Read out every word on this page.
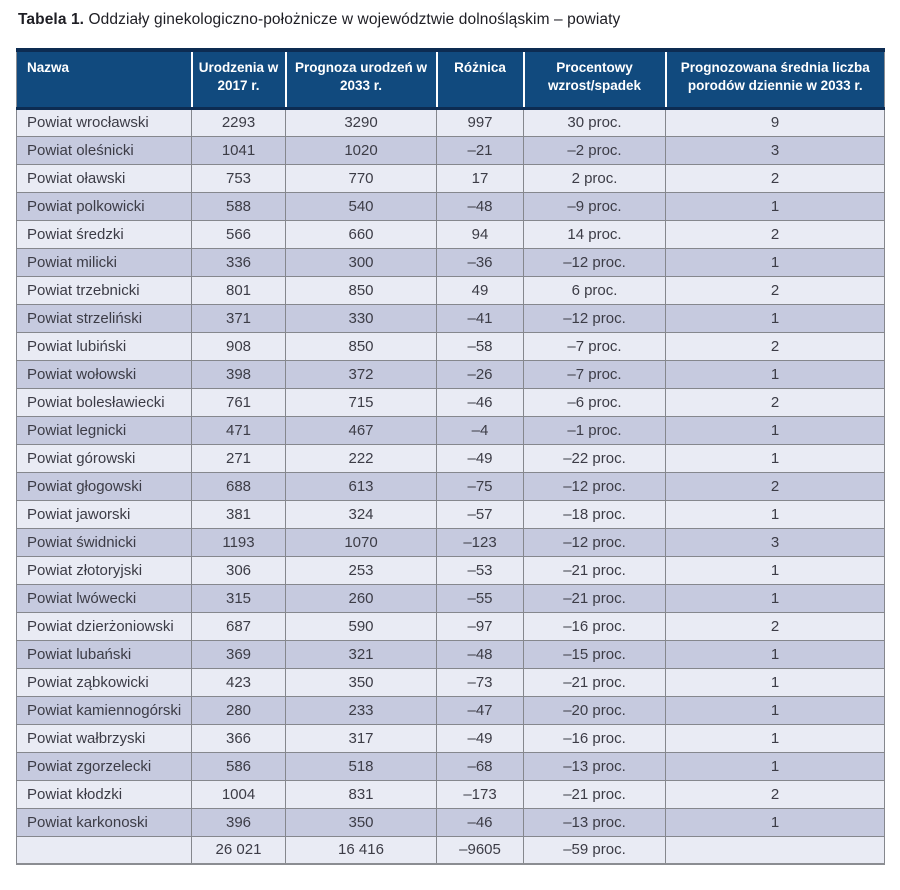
Tabela 1. Oddziały ginekologiczno-położnicze w województwie dolnośląskim – powiaty
Nazwa	Urodzenia w 2017 r.	Prognoza urodzeń w 2033 r.	Różnica	Procentowy wzrost/spadek	Prognozowana średnia liczba porodów dziennie w 2033 r.
Powiat wrocławski	2293	3290	997	30 proc.	9
Powiat oleśnicki	1041	1020	–21	–2 proc.	3
Powiat oławski	753	770	17	2 proc.	2
Powiat polkowicki	588	540	–48	–9 proc.	1
Powiat średzki	566	660	94	14 proc.	2
Powiat milicki	336	300	–36	–12 proc.	1
Powiat trzebnicki	801	850	49	6 proc.	2
Powiat strzeliński	371	330	–41	–12 proc.	1
Powiat lubiński	908	850	–58	–7 proc.	2
Powiat wołowski	398	372	–26	–7 proc.	1
Powiat bolesławiecki	761	715	–46	–6 proc.	2
Powiat legnicki	471	467	–4	–1 proc.	1
Powiat górowski	271	222	–49	–22 proc.	1
Powiat głogowski	688	613	–75	–12 proc.	2
Powiat jaworski	381	324	–57	–18 proc.	1
Powiat świdnicki	1193	1070	–123	–12 proc.	3
Powiat złotoryjski	306	253	–53	–21 proc.	1
Powiat lwówecki	315	260	–55	–21 proc.	1
Powiat dzierżoniowski	687	590	–97	–16 proc.	2
Powiat lubański	369	321	–48	–15 proc.	1
Powiat ząbkowicki	423	350	–73	–21 proc.	1
Powiat kamiennogórski	280	233	–47	–20 proc.	1
Powiat wałbrzyski	366	317	–49	–16 proc.	1
Powiat zgorzelecki	586	518	–68	–13 proc.	1
Powiat kłodzki	1004	831	–173	–21 proc.	2
Powiat karkonoski	396	350	–46	–13 proc.	1
	26 021	16 416	–9605	–59 proc.	
